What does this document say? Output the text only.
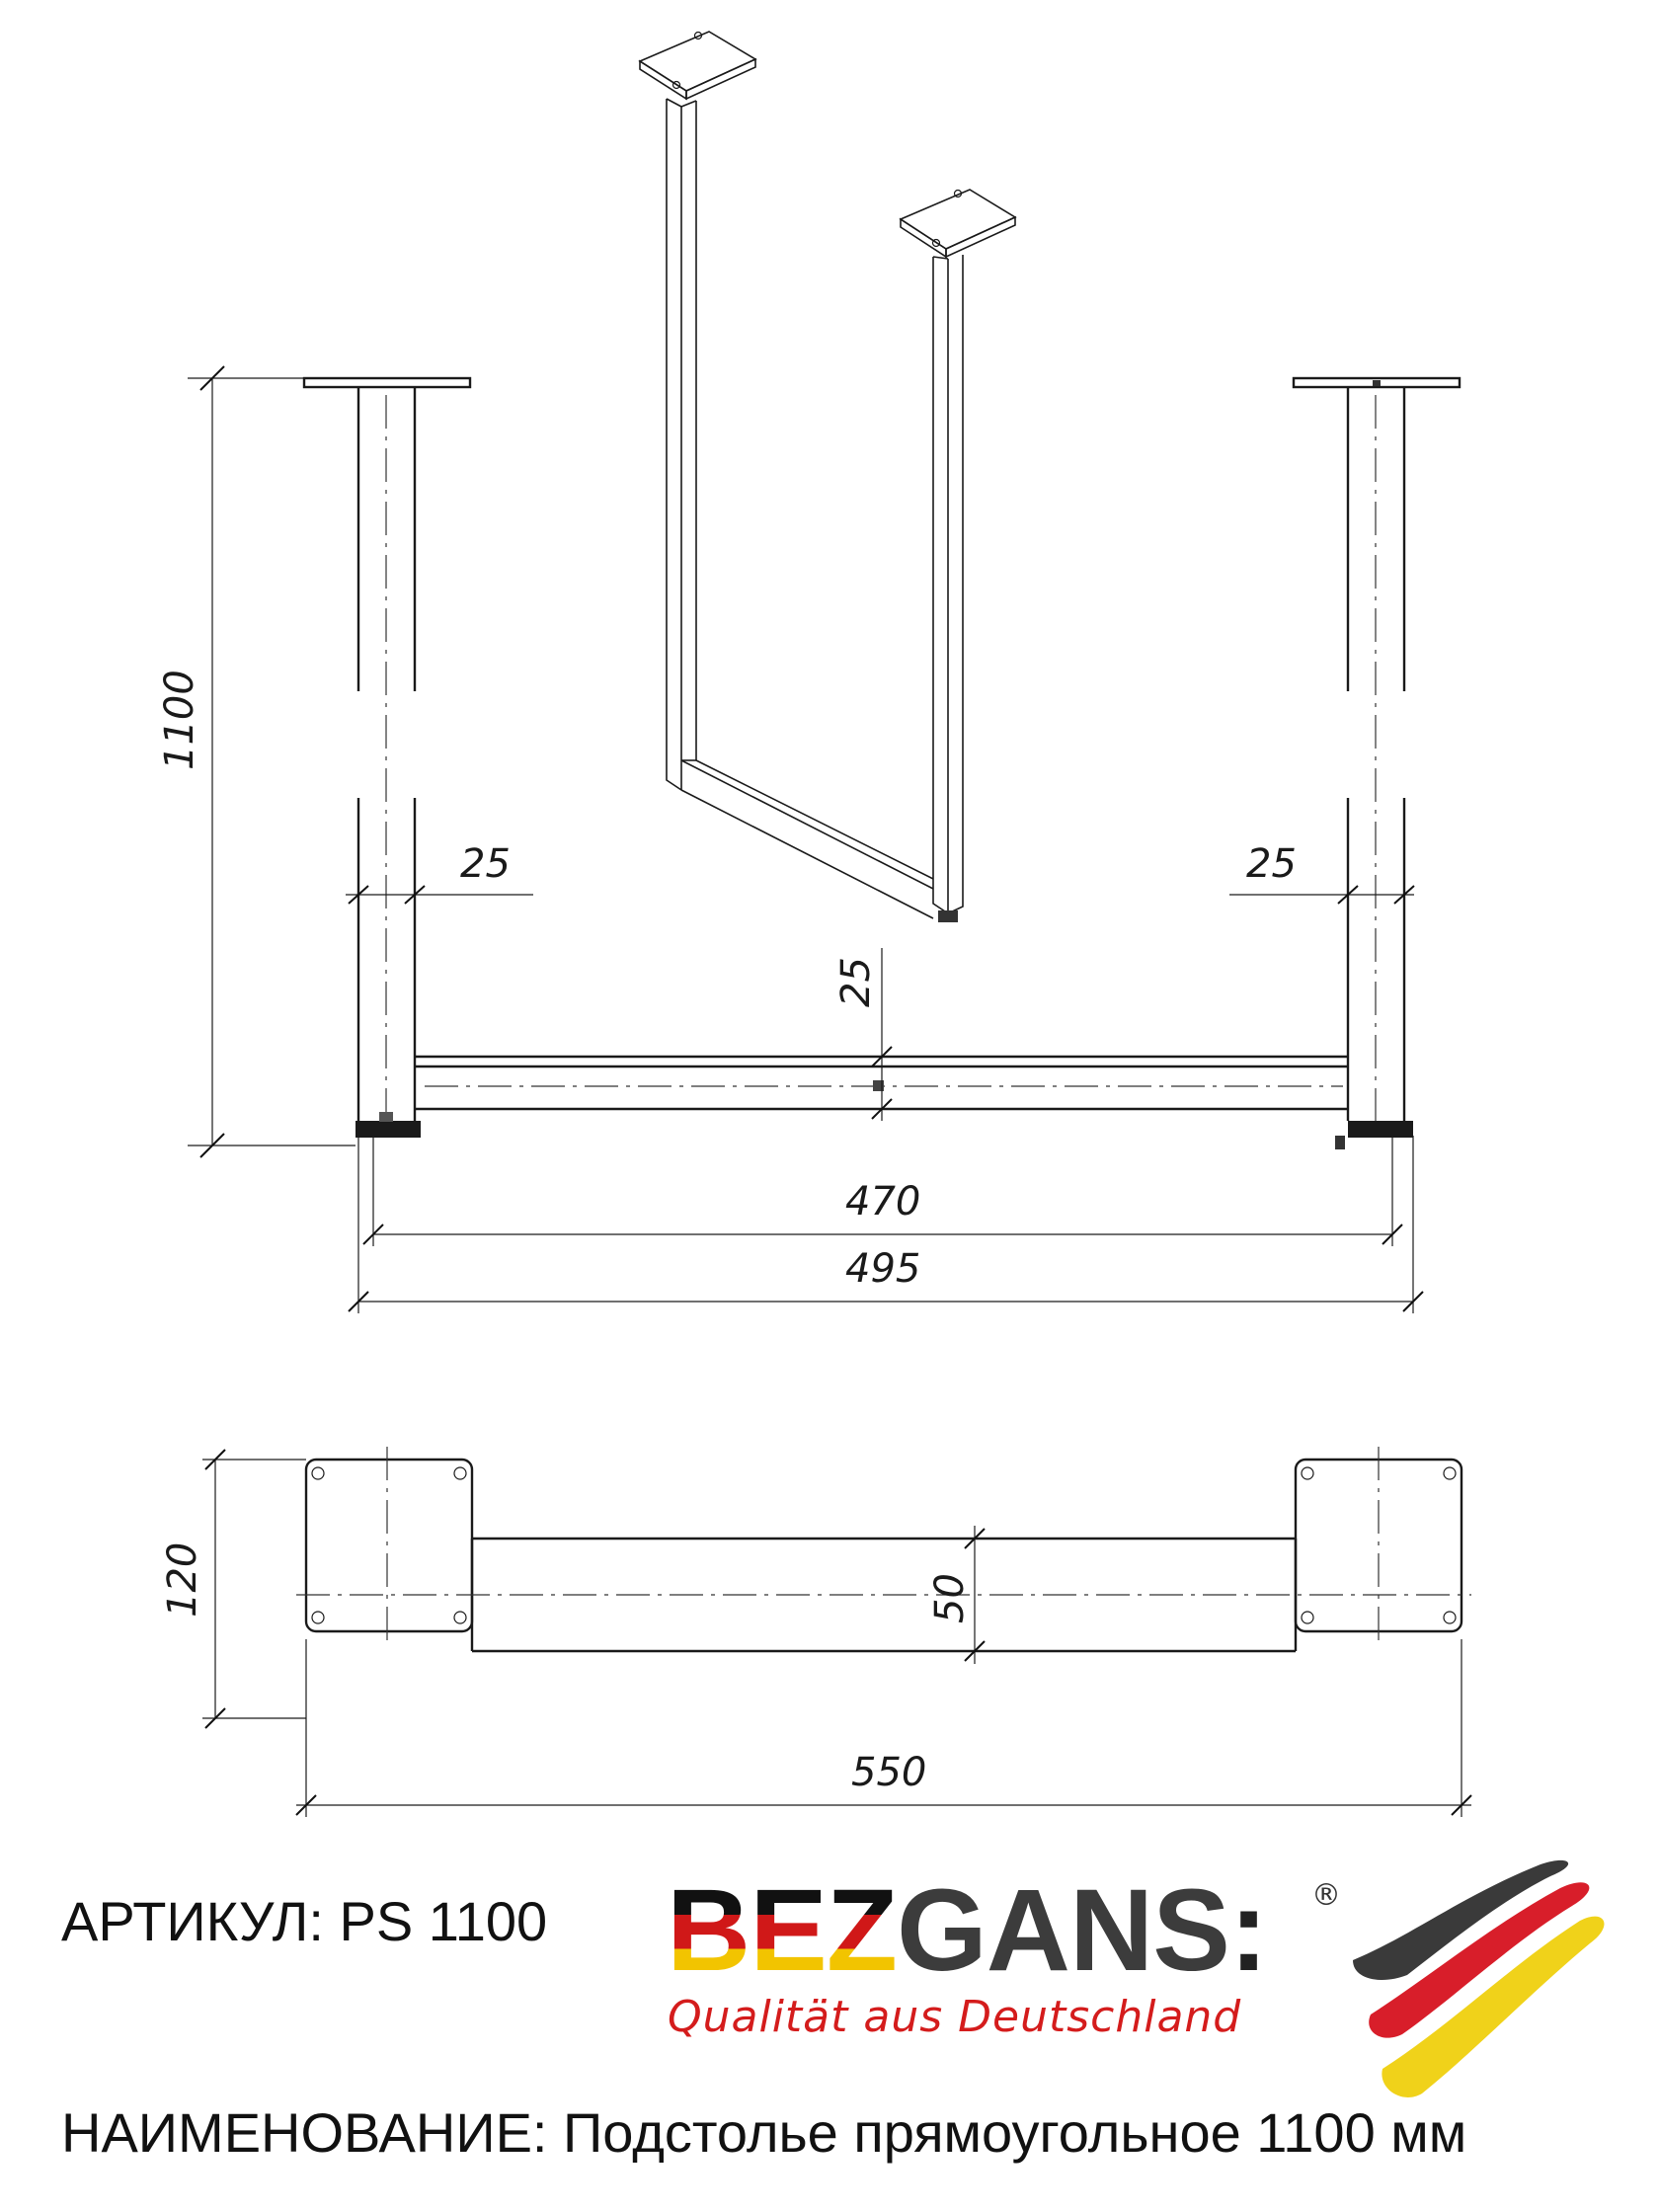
1100
25	25
25
470
495
120	50
550
BEZGANS: ®
Qualität aus Deutschland
АРТИКУЛ: PS 1100
НАИМЕНОВАНИЕ: Подстолье прямоугольное 1100 мм
